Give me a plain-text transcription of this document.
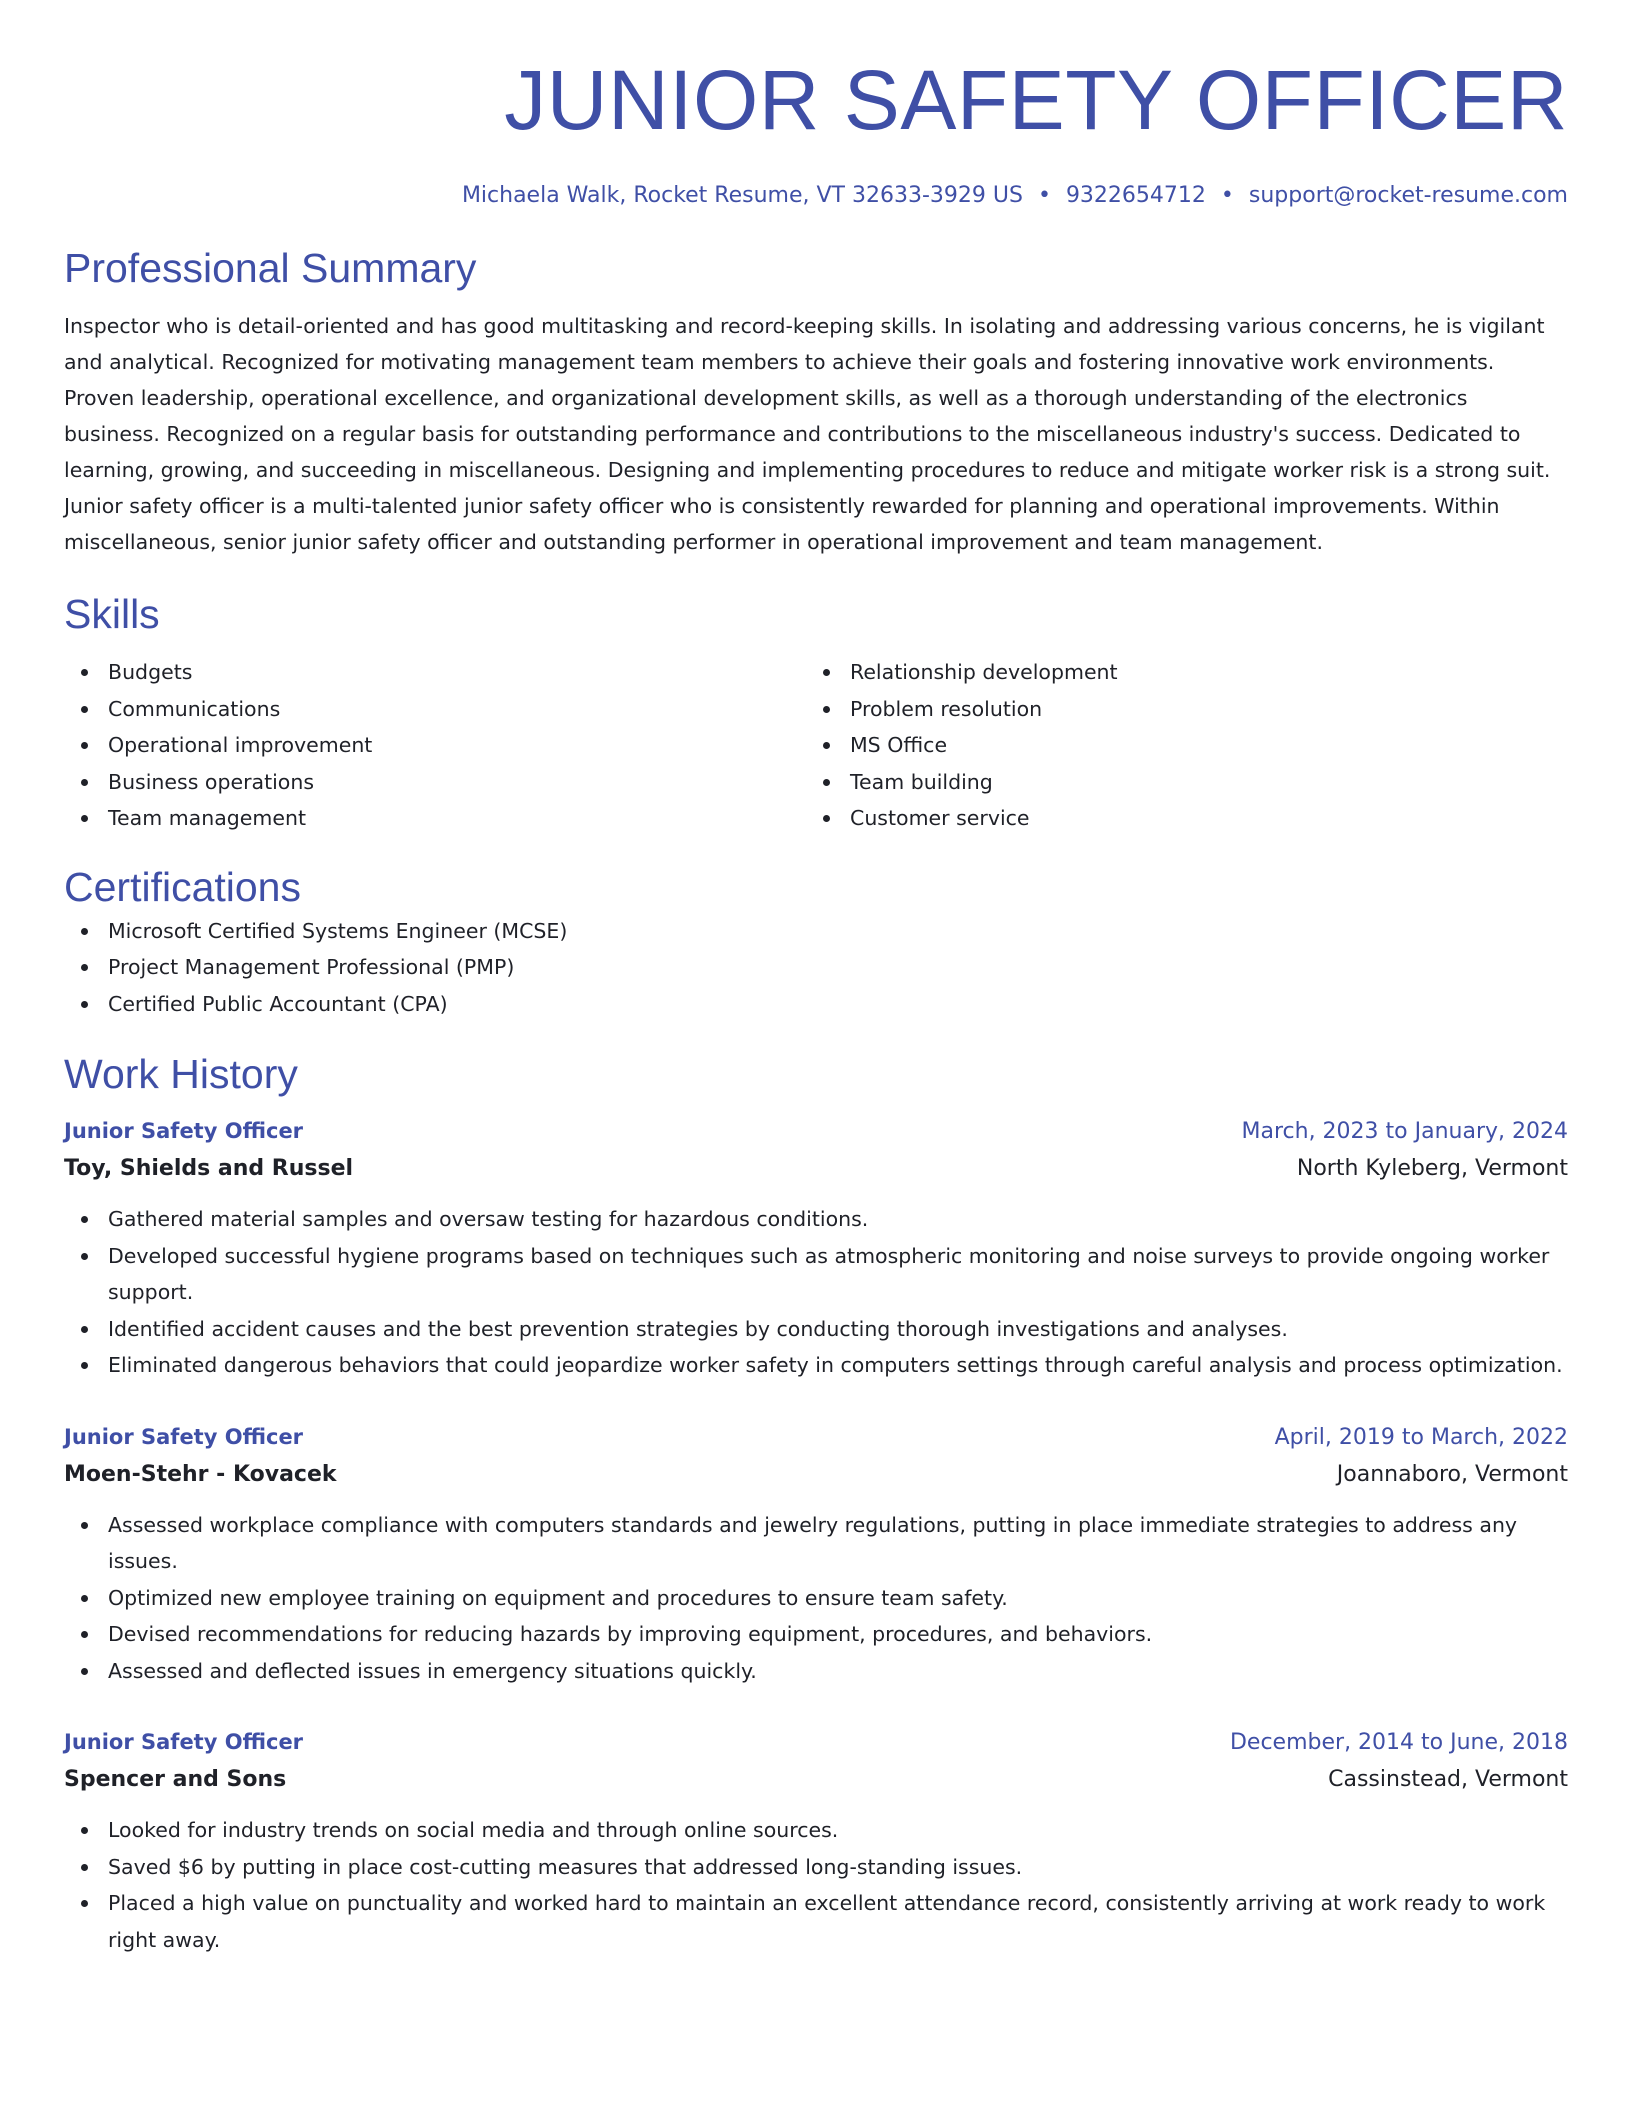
JUNIOR SAFETY OFFICER
Michaela Walk, Rocket Resume, VT 32633-3929 US • 9322654712 • support@rocket-resume.com
Professional Summary
Inspector who is detail-oriented and has good multitasking and record-keeping skills. In isolating and addressing various concerns, he is vigilant and analytical. Recognized for motivating management team members to achieve their goals and fostering innovative work environments. Proven leadership, operational excellence, and organizational development skills, as well as a thorough understanding of the electronics business. Recognized on a regular basis for outstanding performance and contributions to the miscellaneous industry's success. Dedicated to learning, growing, and succeeding in miscellaneous. Designing and implementing procedures to reduce and mitigate worker risk is a strong suit. Junior safety officer is a multi-talented junior safety officer who is consistently rewarded for planning and operational improvements. Within miscellaneous, senior junior safety officer and outstanding performer in operational improvement and team management.
Skills
Budgets
Communications
Operational improvement
Business operations
Team management
Relationship development
Problem resolution
MS Office
Team building
Customer service
Certifications
Microsoft Certified Systems Engineer (MCSE)
Project Management Professional (PMP)
Certified Public Accountant (CPA)
Work History
Junior Safety Officer	March, 2023 to January, 2024
Toy, Shields and Russel	North Kyleberg, Vermont
Gathered material samples and oversaw testing for hazardous conditions.
Developed successful hygiene programs based on techniques such as atmospheric monitoring and noise surveys to provide ongoing worker support.
Identified accident causes and the best prevention strategies by conducting thorough investigations and analyses.
Eliminated dangerous behaviors that could jeopardize worker safety in computers settings through careful analysis and process optimization.
Junior Safety Officer	April, 2019 to March, 2022
Moen-Stehr - Kovacek	Joannaboro, Vermont
Assessed workplace compliance with computers standards and jewelry regulations, putting in place immediate strategies to address any issues.
Optimized new employee training on equipment and procedures to ensure team safety.
Devised recommendations for reducing hazards by improving equipment, procedures, and behaviors.
Assessed and deflected issues in emergency situations quickly.
Junior Safety Officer	December, 2014 to June, 2018
Spencer and Sons	Cassinstead, Vermont
Looked for industry trends on social media and through online sources.
Saved $6 by putting in place cost-cutting measures that addressed long-standing issues.
Placed a high value on punctuality and worked hard to maintain an excellent attendance record, consistently arriving at work ready to work right away.
